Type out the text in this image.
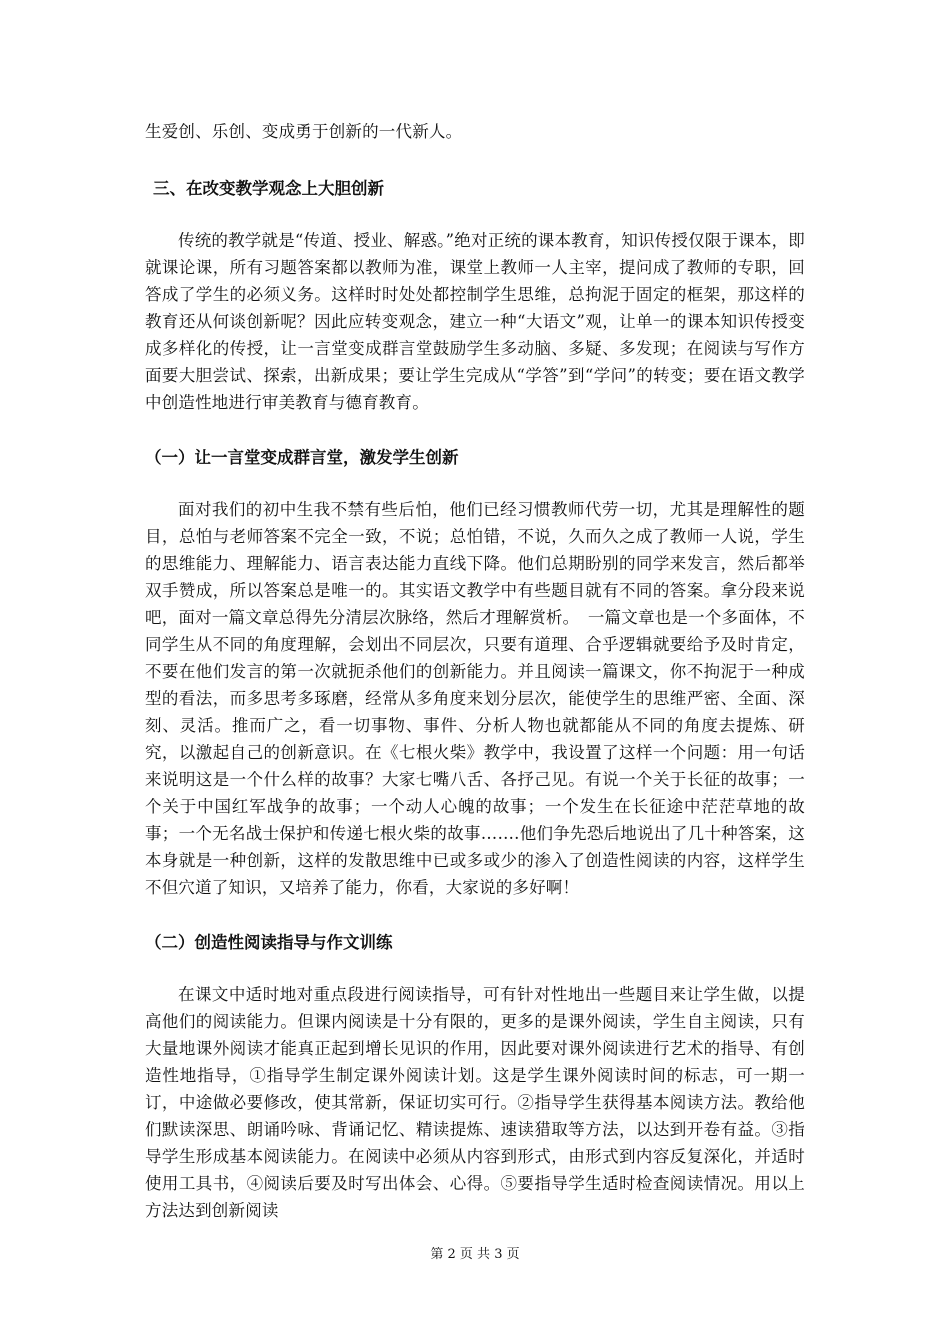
生爱创、乐创、变成勇于创新的一代新人。

三、在改变教学观念上大胆创新

传统的教学就是“传道、授业、解惑。”绝对正统的课本教育，知识传授仅限于课本，即就课论课，所有习题答案都以教师为准，课堂上教师一人主宰，提问成了教师的专职，回答成了学生的必须义务。这样时时处处都控制学生思维，总拘泥于固定的框架，那这样的教育还从何谈创新呢？因此应转变观念，建立一种“大语文”观，让单一的课本知识传授变成多样化的传授，让一言堂变成群言堂鼓励学生多动脑、多疑、多发现；在阅读与写作方面要大胆尝试、探索，出新成果；要让学生完成从“学答”到“学问”的转变；要在语文教学中创造性地进行审美教育与德育教育。

（一）让一言堂变成群言堂，激发学生创新

面对我们的初中生我不禁有些后怕，他们已经习惯教师代劳一切，尤其是理解性的题目，总怕与老师答案不完全一致，不说；总怕错，不说，久而久之成了教师一人说，学生的思维能力、理解能力、语言表达能力直线下降。他们总期盼别的同学来发言，然后都举双手赞成，所以答案总是唯一的。其实语文教学中有些题目就有不同的答案。拿分段来说吧，面对一篇文章总得先分清层次脉络，然后才理解赏析。　一篇文章也是一个多面体，不同学生从不同的角度理解，会划出不同层次，只要有道理、合乎逻辑就要给予及时肯定，不要在他们发言的第一次就扼杀他们的创新能力。并且阅读一篇课文，你不拘泥于一种成型的看法，而多思考多琢磨，经常从多角度来划分层次，能使学生的思维严密、全面、深刻、灵活。推而广之，看一切事物、事件、分析人物也就都能从不同的角度去提炼、研究，以激起自己的创新意识。在《七根火柴》教学中，我设置了这样一个问题：用一句话来说明这是一个什么样的故事？大家七嘴八舌、各抒己见。有说一个关于长征的故事；一个关于中国红军战争的故事；一个动人心魄的故事；一个发生在长征途中茫茫草地的故事；一个无名战士保护和传递七根火柴的故事…….他们争先恐后地说出了几十种答案，这本身就是一种创新，这样的发散思维中已或多或少的渗入了创造性阅读的内容，这样学生不但穴道了知识，又培养了能力，你看，大家说的多好啊！

（二）创造性阅读指导与作文训练

在课文中适时地对重点段进行阅读指导，可有针对性地出一些题目来让学生做，以提高他们的阅读能力。但课内阅读是十分有限的，更多的是课外阅读，学生自主阅读，只有大量地课外阅读才能真正起到增长见识的作用，因此要对课外阅读进行艺术的指导、有创造性地指导，①指导学生制定课外阅读计划。这是学生课外阅读时间的标志，可一期一订，中途做必要修改，使其常新，保证切实可行。②指导学生获得基本阅读方法。教给他们默读深思、朗诵吟咏、背诵记忆、精读提炼、速读猎取等方法，以达到开卷有益。③指导学生形成基本阅读能力。在阅读中必须从内容到形式，由形式到内容反复深化，并适时使用工具书，④阅读后要及时写出体会、心得。⑤要指导学生适时检查阅读情况。用以上方法达到创新阅读

第 2 页 共 3 页
